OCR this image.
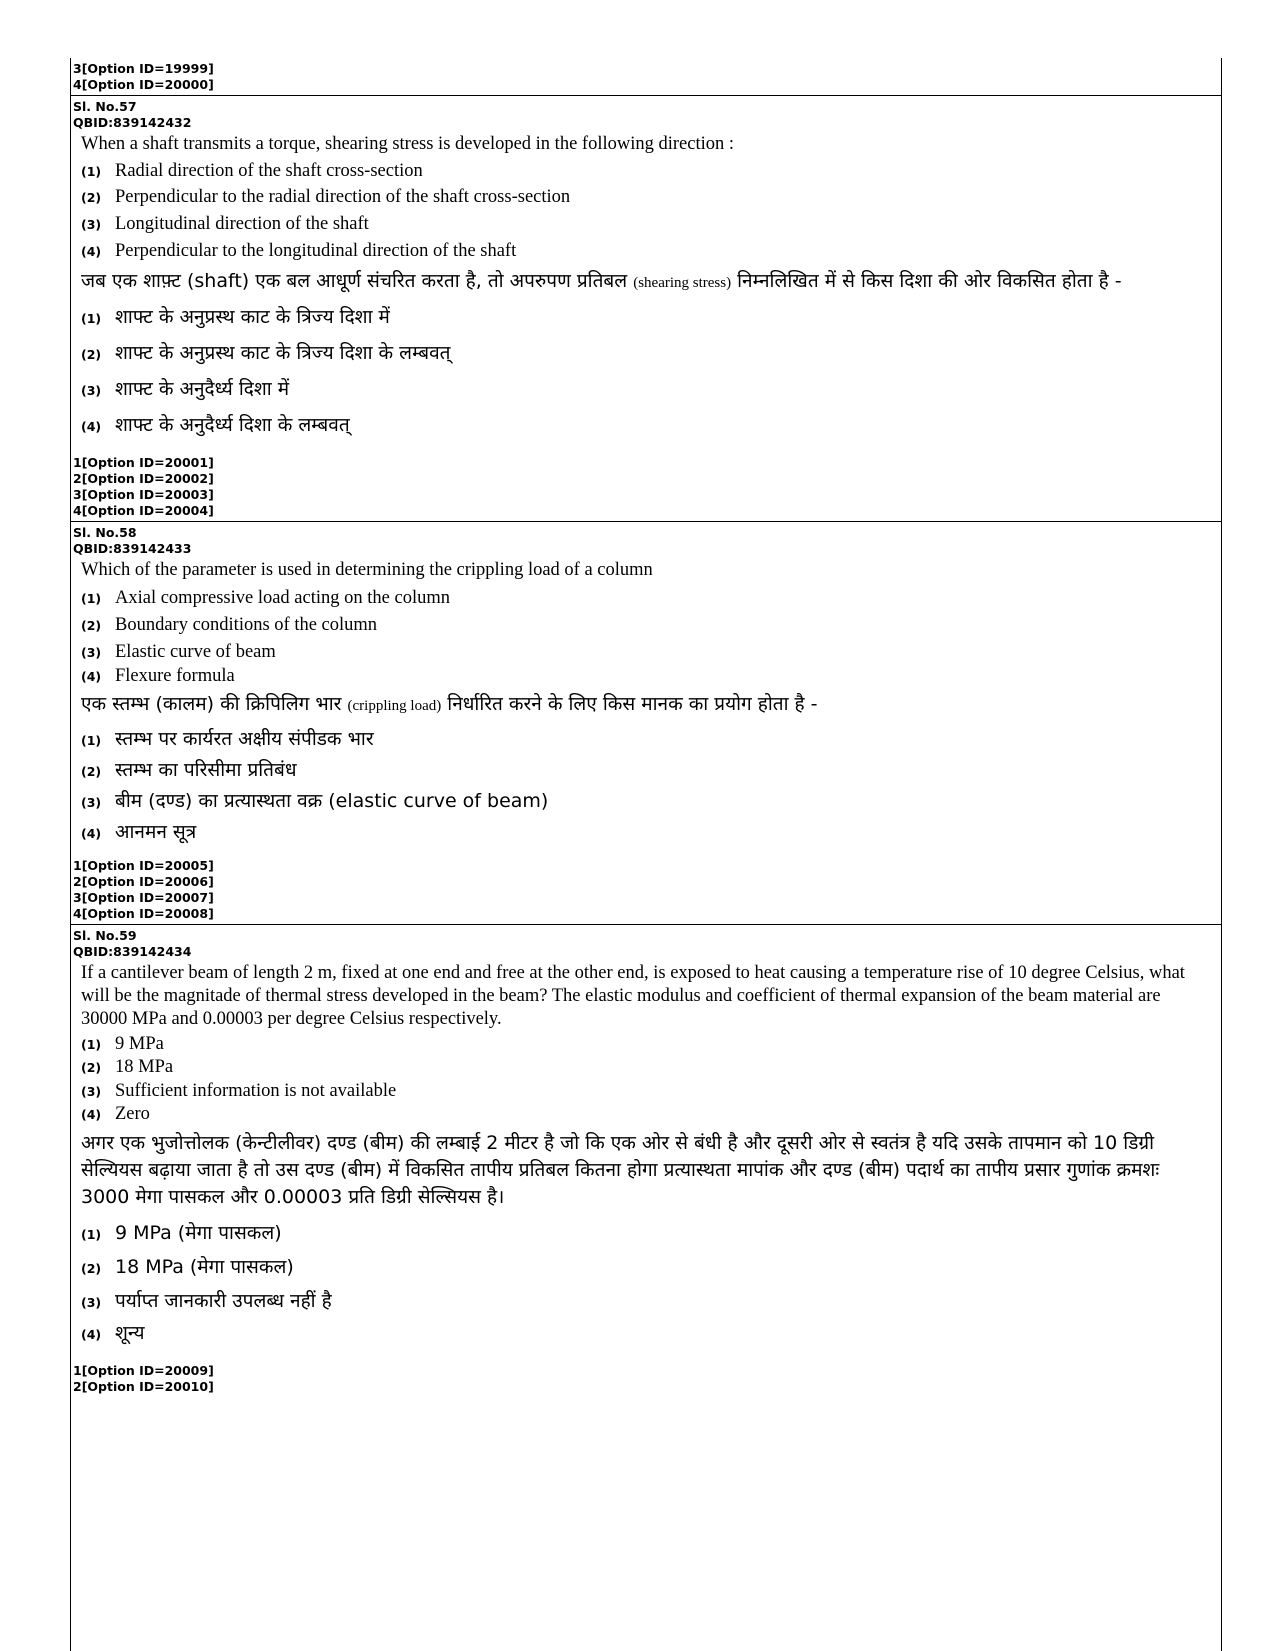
3[Option ID=19999]
4[Option ID=20000]
Sl. No.57
QBID:839142432
When a shaft transmits a torque, shearing stress is developed in the following direction :
(1) Radial direction of the shaft cross-section
(2) Perpendicular to the radial direction of the shaft cross-section
(3) Longitudinal direction of the shaft
(4) Perpendicular to the longitudinal direction of the shaft
जब एक शाफ़्ट (shaft) एक बल आधूर्ण संचरित करता है, तो अपरुपण प्रतिबल (shearing stress) निम्नलिखित में से किस दिशा की ओर विकसित होता है -
(1) शाफ्ट के अनुप्रस्थ काट के त्रिज्य दिशा में
(2) शाफ्ट के अनुप्रस्थ काट के त्रिज्य दिशा के लम्बवत्
(3) शाफ्ट के अनुदैर्ध्य दिशा में
(4) शाफ्ट के अनुदैर्ध्य दिशा के लम्बवत्
1[Option ID=20001]
2[Option ID=20002]
3[Option ID=20003]
4[Option ID=20004]
Sl. No.58
QBID:839142433
Which of the parameter is used in determining the crippling load of a column
(1) Axial compressive load acting on the column
(2) Boundary conditions of the column
(3) Elastic curve of beam
(4) Flexure formula
एक स्तम्भ (कालम) की क्रिपिलिग भार (crippling load) निर्धारित करने के लिए किस मानक का प्रयोग होता है -
(1) स्तम्भ पर कार्यरत अक्षीय संपीडक भार
(2) स्तम्भ का परिसीमा प्रतिबंध
(3) बीम (दण्ड) का प्रत्यास्थता वक्र (elastic curve of beam)
(4) आनमन सूत्र
1[Option ID=20005]
2[Option ID=20006]
3[Option ID=20007]
4[Option ID=20008]
Sl. No.59
QBID:839142434
If a cantilever beam of length 2 m, fixed at one end and free at the other end, is exposed to heat causing a temperature rise of 10 degree Celsius, what will be the magnitade of thermal stress developed in the beam? The elastic modulus and coefficient of thermal expansion of the beam material are 30000 MPa and 0.00003 per degree Celsius respectively.
(1) 9 MPa
(2) 18 MPa
(3) Sufficient information is not available
(4) Zero
अगर एक भुजोत्तोलक (केन्टीलीवर) दण्ड (बीम) की लम्बाई 2 मीटर है जो कि एक ओर से बंधी है और दूसरी ओर से स्वतंत्र है यदि उसके तापमान को 10 डिग्री सेल्यियस बढ़ाया जाता है तो उस दण्ड (बीम) में विकसित तापीय प्रतिबल कितना होगा प्रत्यास्थता मापांक और दण्ड (बीम) पदार्थ का तापीय प्रसार गुणांक क्रमशः 3000 मेगा पासकल और 0.00003 प्रति डिग्री सेल्सियस है।
(1) 9 MPa (मेगा पासकल)
(2) 18 MPa (मेगा पासकल)
(3) पर्याप्त जानकारी उपलब्ध नहीं है
(4) शून्य
1[Option ID=20009]
2[Option ID=20010]
